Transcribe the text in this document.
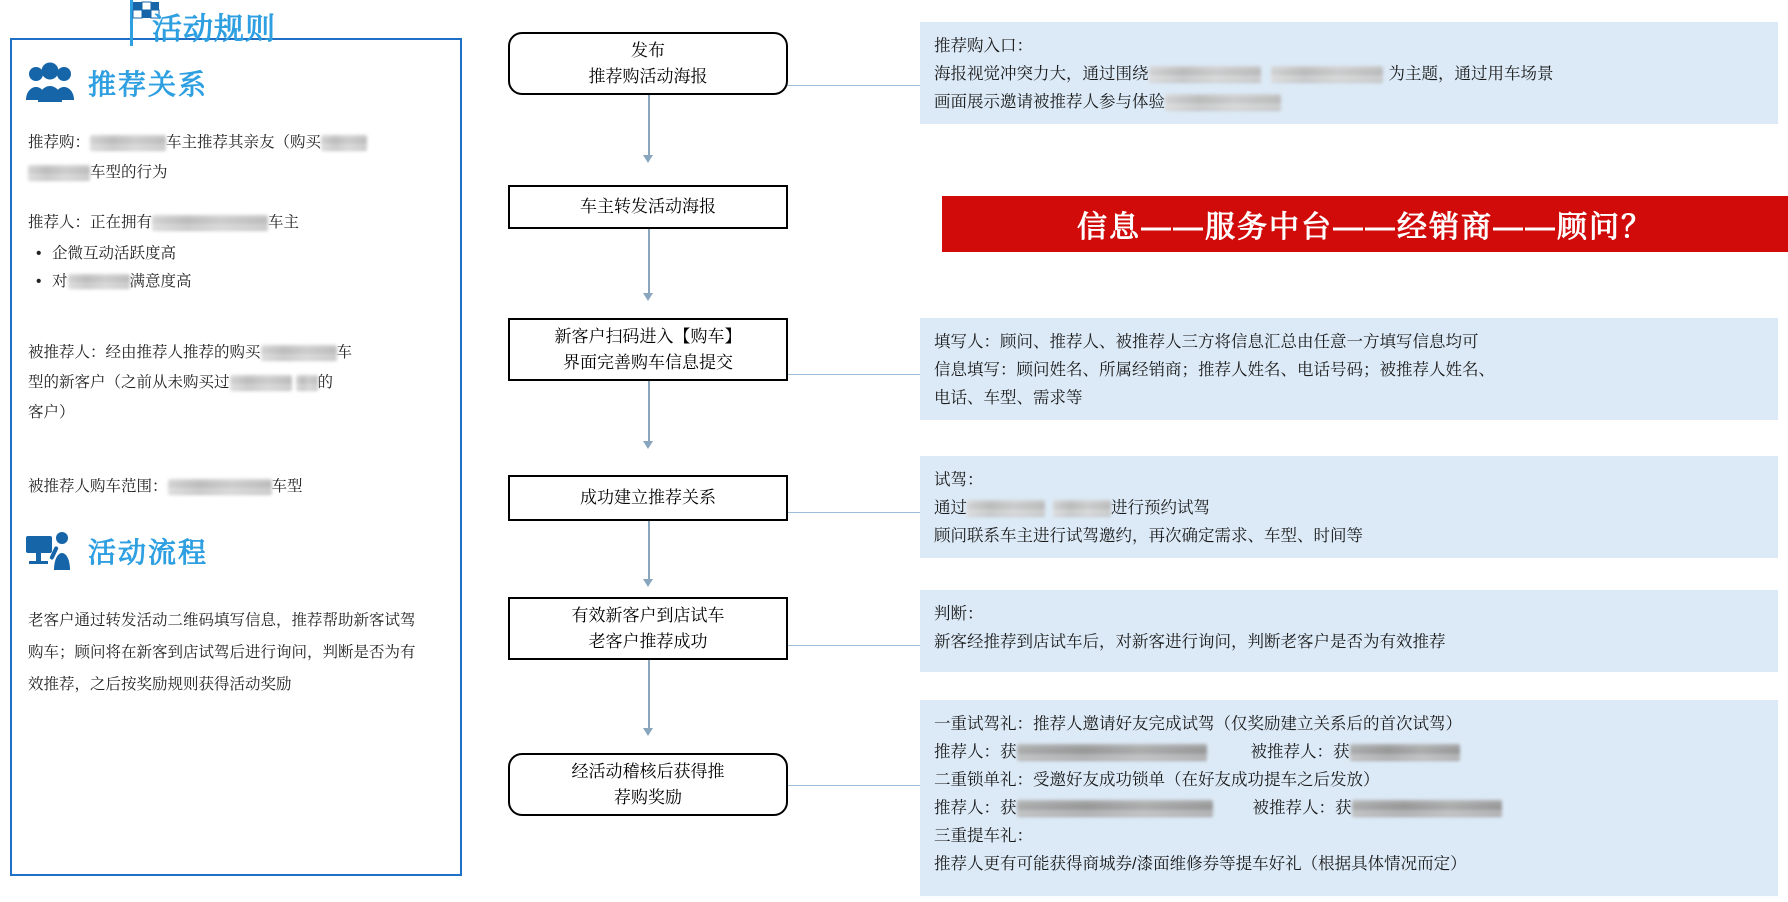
活动规则
推荐关系
推荐购：	车主推荐其亲友（购买
车型的行为
推荐人：正在拥有	车主
• 企微互动活跃度高
• 对	满意度高
被推荐人：经由推荐人推荐的购买	车
型的新客户（之前从未购买过	的
客户）
被推荐人购车范围：	车型
活动流程
老客户通过转发活动二维码填写信息，推荐帮助新客试驾购车；顾问将在新客到店试驾后进行询问，判断是否为有效推荐，之后按奖励规则获得活动奖励
发布
推荐购活动海报
车主转发活动海报
新客户扫码进入【购车】
界面完善购车信息提交
成功建立推荐关系
有效新客户到店试车
老客户推荐成功
经活动稽核后获得推
荐购奖励
推荐购入口：
海报视觉冲突力大，通过围绕	为主题，通过用车场景
画面展示邀请被推荐人参与体验
信息——服务中台——经销商——顾问？
填写人：顾问、推荐人、被推荐人三方将信息汇总由任意一方填写信息均可
信息填写：顾问姓名、所属经销商；推荐人姓名、电话号码；被推荐人姓名、
电话、车型、需求等
试驾：
通过	进行预约试驾
顾问联系车主进行试驾邀约，再次确定需求、车型、时间等
判断：
新客经推荐到店试车后，对新客进行询问，判断老客户是否为有效推荐
一重试驾礼：推荐人邀请好友完成试驾（仅奖励建立关系后的首次试驾）
推荐人：获	被推荐人：获
二重锁单礼：受邀好友成功锁单（在好友成功提车之后发放）
推荐人：获	被推荐人：获
三重提车礼：
推荐人更有可能获得商城券/漆面维修券等提车好礼（根据具体情况而定）
